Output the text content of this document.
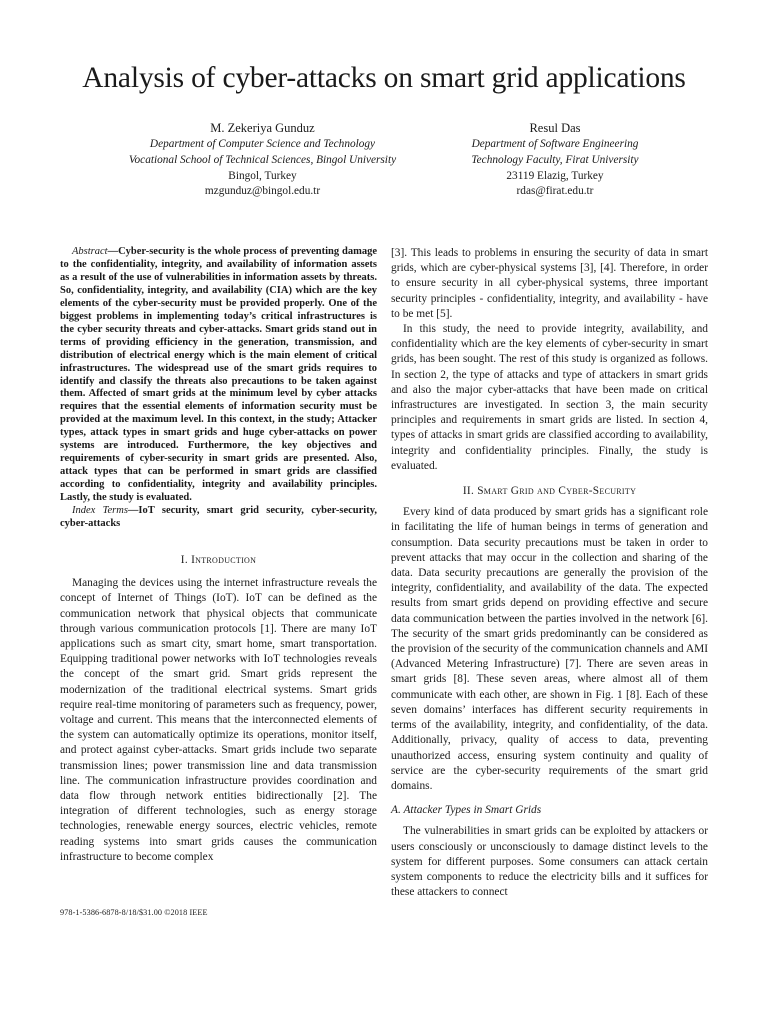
Analysis of cyber-attacks on smart grid applications
M. Zekeriya Gunduz
Department of Computer Science and Technology
Vocational School of Technical Sciences, Bingol University
Bingol, Turkey
mzgunduz@bingol.edu.tr
Resul Das
Department of Software Engineering
Technology Faculty, Firat University
23119 Elazig, Turkey
rdas@firat.edu.tr

Abstract—Cyber-security is the whole process of preventing damage to the confidentiality, integrity, and availability of information assets as a result of the use of vulnerabilities in information assets by threats. So, confidentiality, integrity, and availability (CIA) which are the key elements of the cyber-security must be provided properly. One of the biggest problems in implementing today’s critical infrastructures is the cyber security threats and cyber-attacks. Smart grids stand out in terms of providing efficiency in the generation, transmission, and distribution of electrical energy which is the main element of critical infrastructures. The widespread use of the smart grids requires to identify and classify the threats also precautions to be taken against them. Affected of smart grids at the minimum level by cyber attacks requires that the essential elements of information security must be provided at the maximum level. In this context, in the study; Attacker types, attack types in smart grids and huge cyber-attacks on power systems are introduced. Furthermore, the key objectives and requirements of cyber-security in smart grids are presented. Also, attack types that can be performed in smart grids are classified according to confidentiality, integrity and availability principles. Lastly, the study is evaluated.

Index Terms—IoT security, smart grid security, cyber-security, cyber-attacks

I. Introduction

Managing the devices using the internet infrastructure reveals the concept of Internet of Things (IoT). IoT can be defined as the communication network that physical objects that communicate through various communication protocols [1]. There are many IoT applications such as smart city, smart home, smart transportation. Equipping traditional power networks with IoT technologies reveals the concept of the smart grid. Smart grids represent the modernization of the traditional electrical systems. Smart grids require real-time monitoring of parameters such as frequency, power, voltage and current. This means that the interconnected elements of the system can automatically optimize its operations, monitor itself, and protect against cyber-attacks. Smart grids include two separate transmission lines; power transmission line and data transmission line. The communication infrastructure provides coordination and data flow through network entities bidirectionally [2]. The integration of different technologies, such as energy storage technologies, renewable energy sources, electric vehicles, remote reading systems into smart grids causes the communication infrastructure to become complex

[3]. This leads to problems in ensuring the security of data in smart grids, which are cyber-physical systems [3], [4]. Therefore, in order to ensure security in all cyber-physical systems, three important security principles - confidentiality, integrity, and availability - have to be met [5].

In this study, the need to provide integrity, availability, and confidentiality which are the key elements of cyber-security in smart grids, has been sought. The rest of this study is organized as follows. In section 2, the type of attacks and type of attackers in smart grids and also the major cyber-attacks that have been made on critical infrastructures are investigated. In section 3, the main security principles and requirements in smart grids are listed. In section 4, types of attacks in smart grids are classified according to availability, integrity and confidentiality principles. Finally, the study is evaluated.

II. Smart Grid and Cyber-Security

Every kind of data produced by smart grids has a significant role in facilitating the life of human beings in terms of generation and consumption. Data security precautions must be taken in order to prevent attacks that may occur in the collection and sharing of the data. Data security precautions are generally the provision of the integrity, confidentiality, and availability of the data. The expected results from smart grids depend on providing effective and secure data communication between the parties involved in the network [6]. The security of the smart grids predominantly can be considered as the provision of the security of the communication channels and AMI (Advanced Metering Infrastructure) [7]. There are seven areas in smart grids [8]. These seven areas, where almost all of them communicate with each other, are shown in Fig. 1 [8]. Each of these seven domains’ interfaces has different security requirements in terms of the availability, integrity, and confidentiality, of the data. Additionally, privacy, quality of access to data, preventing unauthorized access, ensuring system continuity and quality of service are the cyber-security requirements of the smart grid domains.

A. Attacker Types in Smart Grids

The vulnerabilities in smart grids can be exploited by attackers or users consciously or unconsciously to damage distinct levels to the system for different purposes. Some consumers can attack certain system components to reduce the electricity bills and it suffices for these attackers to connect

978-1-5386-6878-8/18/$31.00 ©2018 IEEE
